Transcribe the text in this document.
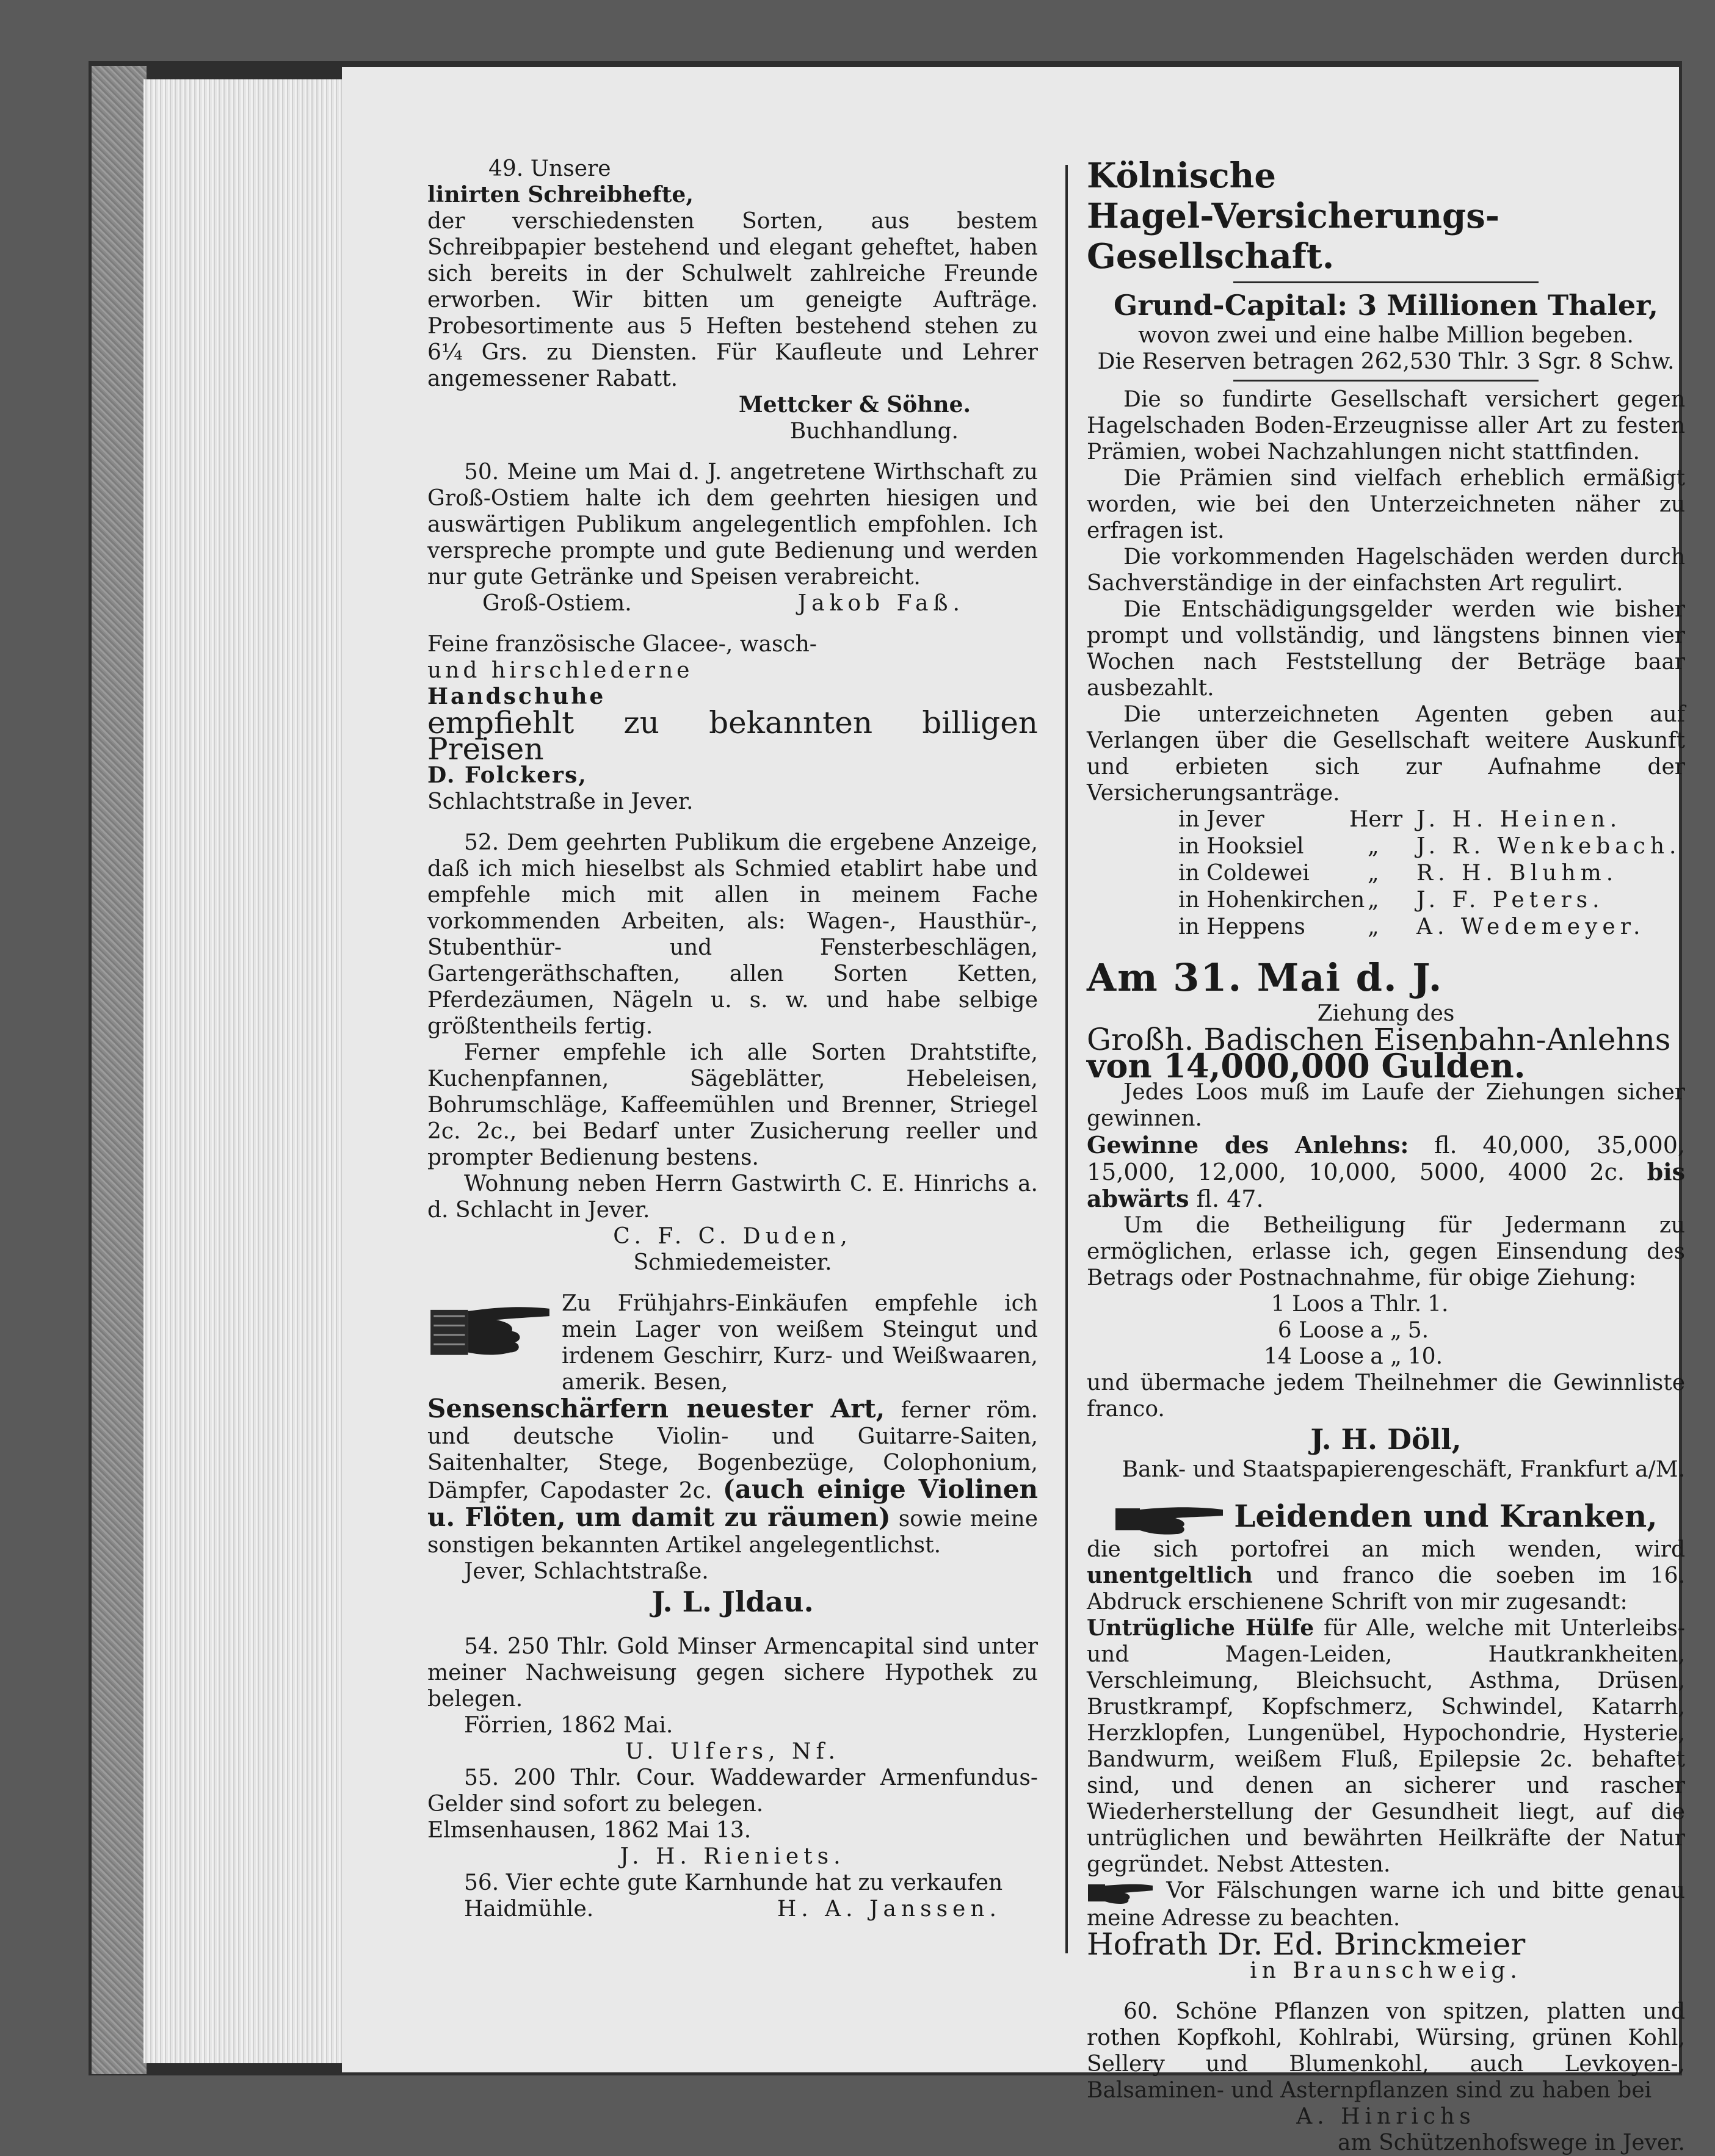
49. Unsere

linirten Schreibhefte,

der verschiedensten Sorten, aus bestem Schreibpapier bestehend und elegant geheftet, haben sich bereits in der Schulwelt zahlreiche Freunde erworben. Wir bitten um geneigte Aufträge. Probesortimente aus 5 Heften bestehend stehen zu 6¼ Grs. zu Diensten. Für Kaufleute und Lehrer angemessener Rabatt.

Mettcker & Söhne.

Buchhandlung.

50. Meine um Mai d. J. angetretene Wirthschaft zu Groß-Ostiem halte ich dem geehrten hiesigen und auswärtigen Publikum angelegentlich empfohlen. Ich verspreche prompte und gute Bedienung und werden nur gute Getränke und Speisen verabreicht.

Groß-Ostiem.	Jakob Faß.

Feine französische Glacee-, wasch-

und hirschlederne

Handschuhe

empfiehlt zu bekannten billigen Preisen

D. Folckers,

Schlachtstraße in Jever.

52. Dem geehrten Publikum die ergebene Anzeige, daß ich mich hieselbst als Schmied etablirt habe und empfehle mich mit allen in meinem Fache vorkommenden Arbeiten, als: Wagen-, Hausthür-, Stubenthür- und Fensterbeschlägen, Gartengeräthschaften, allen Sorten Ketten, Pferdezäumen, Nägeln u. s. w. und habe selbige größtentheils fertig.

Ferner empfehle ich alle Sorten Drahtstifte, Kuchenpfannen, Sägeblätter, Hebeleisen, Bohrumschläge, Kaffeemühlen und Brenner, Striegel 2c. 2c., bei Bedarf unter Zusicherung reeller und prompter Bedienung bestens.

Wohnung neben Herrn Gastwirth C. E. Hinrichs a. d. Schlacht in Jever.

C. F. C. Duden,

Schmiedemeister.

Zu Frühjahrs-Einkäufen empfehle ich mein Lager von weißem Steingut und irdenem Geschirr, Kurz- und Weißwaaren, amerik. Besen,

Sensenschärfern neuester Art, ferner röm. und deutsche Violin- und Guitarre-Saiten, Saitenhalter, Stege, Bogenbezüge, Colophonium, Dämpfer, Capodaster 2c. (auch einige Violinen u. Flöten, um damit zu räumen) sowie meine sonstigen bekannten Artikel angelegentlichst.

Jever, Schlachtstraße.

J. L. Jldau.

54. 250 Thlr. Gold Minser Armencapital sind unter meiner Nachweisung gegen sichere Hypothek zu belegen.

Förrien, 1862 Mai.

U. Ulfers, Nf.

55. 200 Thlr. Cour. Waddewarder Armenfundus-Gelder sind sofort zu belegen.

Elmsenhausen, 1862 Mai 13.

J. H. Rieniets.

56. Vier echte gute Karnhunde hat zu verkaufen

Haidmühle.	H. A. Janssen.

Kölnische

Hagel-Versicherungs-Gesellschaft.

Grund-Capital: 3 Millionen Thaler,

wovon zwei und eine halbe Million begeben.

Die Reserven betragen 262,530 Thlr. 3 Sgr. 8 Schw.

Die so fundirte Gesellschaft versichert gegen Hagelschaden Boden-Erzeugnisse aller Art zu festen Prämien, wobei Nachzahlungen nicht stattfinden.

Die Prämien sind vielfach erheblich ermäßigt worden, wie bei den Unterzeichneten näher zu erfragen ist.

Die vorkommenden Hagelschäden werden durch Sachverständige in der einfachsten Art regulirt.

Die Entschädigungsgelder werden wie bisher prompt und vollständig, und längstens binnen vier Wochen nach Feststellung der Beträge baar ausbezahlt.

Die unterzeichneten Agenten geben auf Verlangen über die Gesellschaft weitere Auskunft und erbieten sich zur Aufnahme der Versicherungsanträge.

in Jever	Herr J. H. Heinen.
in Hooksiel	„	J. R. Wenkebach.
in Coldewei	„	R. H. Bluhm.
in Hohenkirchen „	J. F. Peters.
in Heppens	„	A. Wedemeyer.

Am 31. Mai d. J.

Ziehung des

Großh. Badischen Eisenbahn-Anlehns

von 14,000,000 Gulden.

Jedes Loos muß im Laufe der Ziehungen sicher gewinnen.

Gewinne des Anlehns: fl. 40,000, 35,000, 15,000, 12,000, 10,000, 5000, 4000 2c. bis abwärts fl. 47.

Um die Betheiligung für Jedermann zu ermöglichen, erlasse ich, gegen Einsendung des Betrags oder Postnachnahme, für obige Ziehung:

1 Loos a Thlr. 1.
6 Loose a „ 5.
14 Loose a „ 10.

und übermache jedem Theilnehmer die Gewinnliste franco.

J. H. Döll,

Bank- und Staatspapierengeschäft, Frankfurt a/M.

Leidenden und Kranken,

die sich portofrei an mich wenden, wird unentgeltlich und franco die soeben im 16. Abdruck erschienene Schrift von mir zugesandt:

Untrügliche Hülfe für Alle, welche mit Unterleibs- und Magen-Leiden, Hautkrankheiten, Verschleimung, Bleichsucht, Asthma, Drüsen, Brustkrampf, Kopfschmerz, Schwindel, Katarrh, Herzklopfen, Lungenübel, Hypochondrie, Hysterie, Bandwurm, weißem Fluß, Epilepsie 2c. behaftet sind, und denen an sicherer und rascher Wiederherstellung der Gesundheit liegt, auf die untrüglichen und bewährten Heilkräfte der Natur gegründet. Nebst Attesten.

Vor Fälschungen warne ich und bitte genau meine Adresse zu beachten.

Hofrath Dr. Ed. Brinckmeier

in Braunschweig.

60. Schöne Pflanzen von spitzen, platten und rothen Kopfkohl, Kohlrabi, Würsing, grünen Kohl, Sellery und Blumenkohl, auch Levkoyen-, Balsaminen- und Asternpflanzen sind zu haben bei

A. Hinrichs

am Schützenhofswege in Jever.
